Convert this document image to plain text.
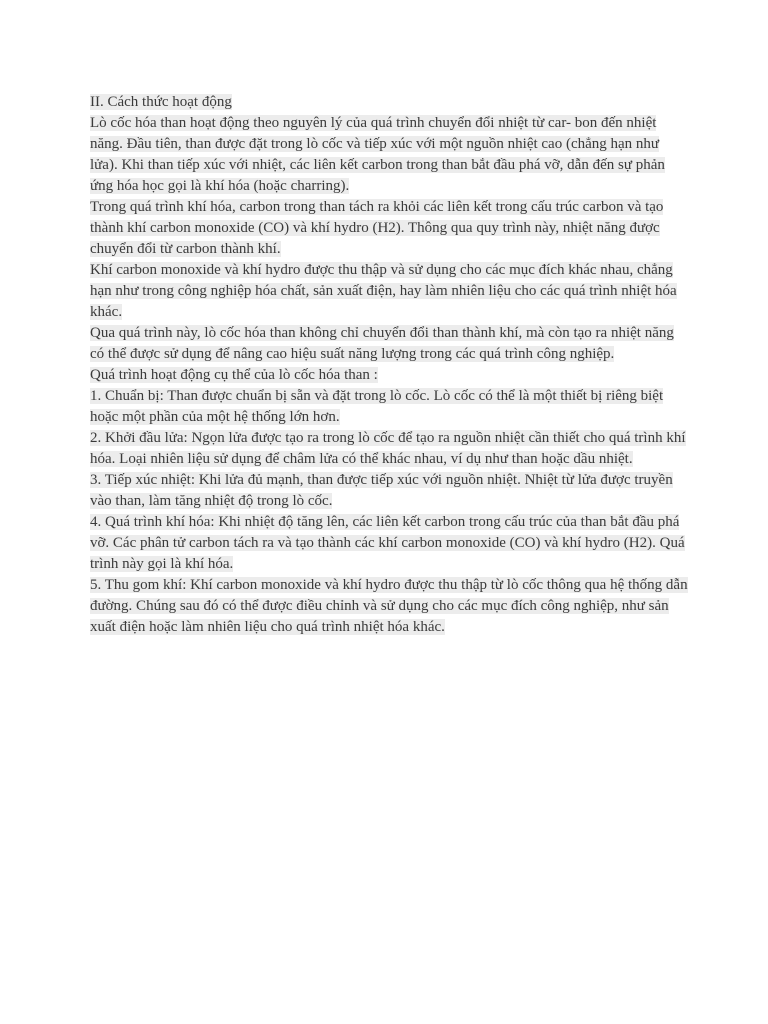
II. Cách thức hoạt động

Lò cốc hóa than hoạt động theo nguyên lý của quá trình chuyển đổi nhiệt từ car- bon đến nhiệt năng. Đầu tiên, than được đặt trong lò cốc và tiếp xúc với một nguồn nhiệt cao (chẳng hạn như lửa). Khi than tiếp xúc với nhiệt, các liên kết carbon trong than bắt đầu phá vỡ, dẫn đến sự phản ứng hóa học gọi là khí hóa (hoặc charring).

Trong quá trình khí hóa, carbon trong than tách ra khỏi các liên kết trong cấu trúc carbon và tạo thành khí carbon monoxide (CO) và khí hydro (H2). Thông qua quy trình này, nhiệt năng được chuyển đổi từ carbon thành khí.

Khí carbon monoxide và khí hydro được thu thập và sử dụng cho các mục đích khác nhau, chẳng hạn như trong công nghiệp hóa chất, sản xuất điện, hay làm nhiên liệu cho các quá trình nhiệt hóa khác.

Qua quá trình này, lò cốc hóa than không chỉ chuyển đổi than thành khí, mà còn tạo ra nhiệt năng có thể được sử dụng để nâng cao hiệu suất năng lượng trong các quá trình công nghiệp.

Quá trình hoạt động cụ thể của lò cốc hóa than :

1. Chuẩn bị: Than được chuẩn bị sẵn và đặt trong lò cốc. Lò cốc có thể là một thiết bị riêng biệt hoặc một phần của một hệ thống lớn hơn.

2. Khởi đầu lửa: Ngọn lửa được tạo ra trong lò cốc để tạo ra nguồn nhiệt cần thiết cho quá trình khí hóa. Loại nhiên liệu sử dụng để châm lửa có thể khác nhau, ví dụ như than hoặc dầu nhiệt.

3. Tiếp xúc nhiệt: Khi lửa đủ mạnh, than được tiếp xúc với nguồn nhiệt. Nhiệt từ lửa được truyền vào than, làm tăng nhiệt độ trong lò cốc.

4. Quá trình khí hóa: Khi nhiệt độ tăng lên, các liên kết carbon trong cấu trúc của than bắt đầu phá vỡ. Các phân tử carbon tách ra và tạo thành các khí carbon monoxide (CO) và khí hydro (H2). Quá trình này gọi là khí hóa.

5. Thu gom khí: Khí carbon monoxide và khí hydro được thu thập từ lò cốc thông qua hệ thống dẫn đường. Chúng sau đó có thể được điều chỉnh và sử dụng cho các mục đích công nghiệp, như sản xuất điện hoặc làm nhiên liệu cho quá trình nhiệt hóa khác.
